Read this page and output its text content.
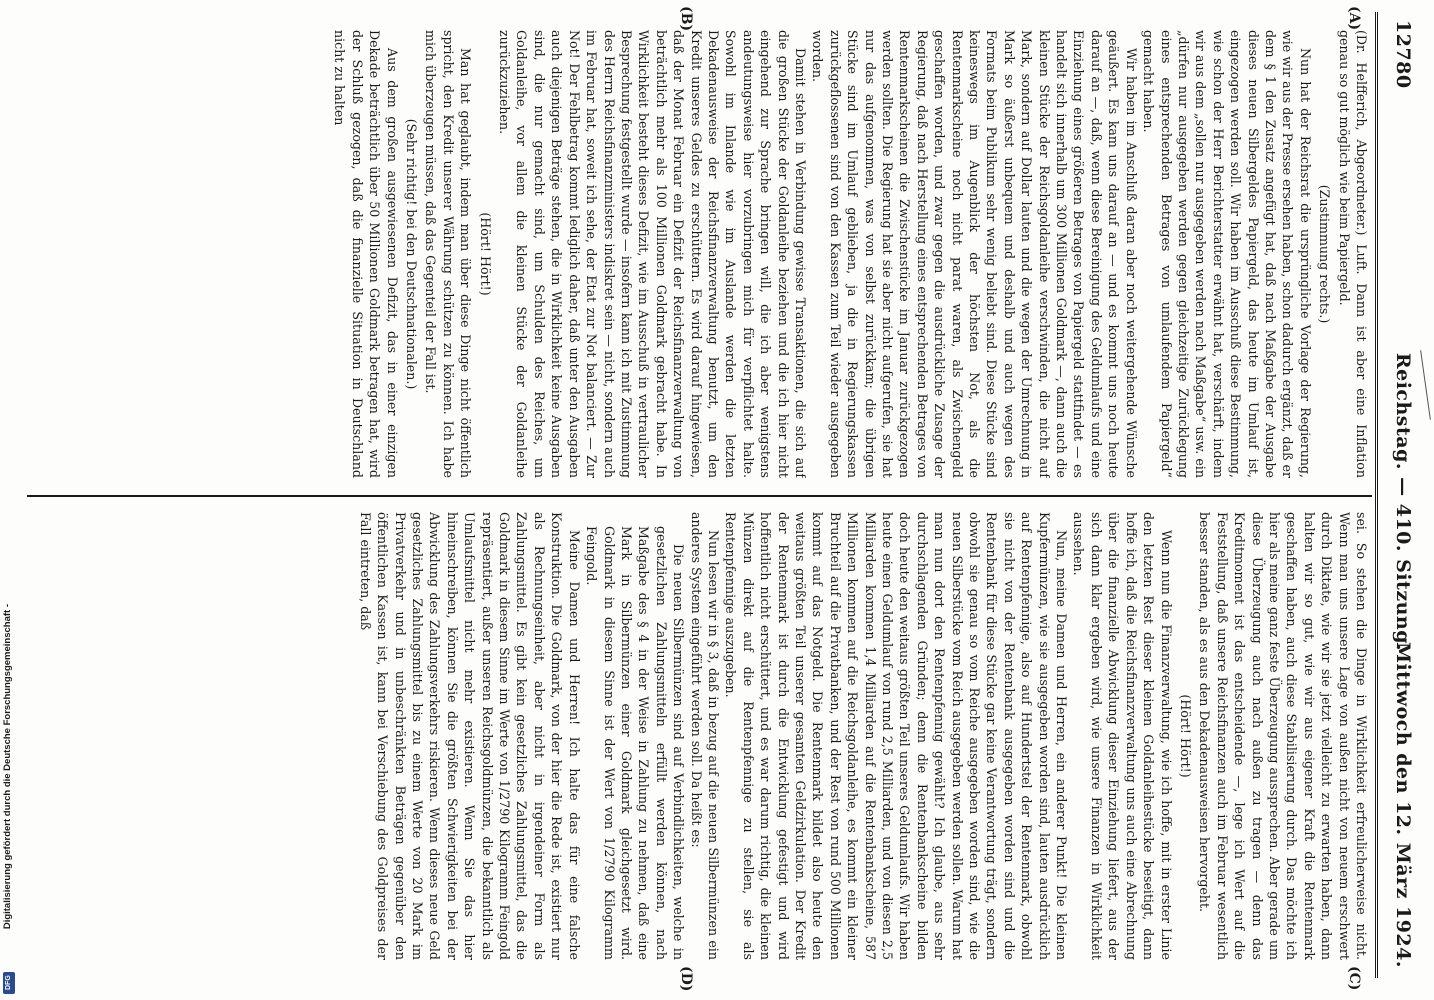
12780
Reichstag. — 410. Sitzung.
Mittwoch den 12. März 1924.
(A)
(B)
(C)
(D)

(Dr. Helfferich, Abgeordneter.) Luft. Dann ist aber eine Inflation genau so gut möglich wie beim Papiergeld.

(Zustimmung rechts.)

Nun hat der Reichsrat die ursprüngliche Vorlage der Regierung, wie wir aus der Presse ersehen haben, schon dadurch ergänzt, daß er dem § 1 den Zusatz angefügt hat, daß nach Maßgabe der Ausgabe dieses neuen Silbergeldes Papiergeld, das heute im Umlauf ist, eingezogen werden soll. Wir haben im Ausschuß diese Bestimmung, wie schon der Herr Berichterstatter erwähnt hat, verschärft, indem wir aus dem „sollen nur ausgegeben werden nach Maßgabe“ usw. ein „dürfen nur ausgegeben werden gegen gleichzeitige Zurücklegung eines entsprechenden Betrages von umlaufendem Papiergeld“ gemacht haben.

Wir haben im Anschluß daran aber noch weitergehende Wünsche geäußert. Es kam uns darauf an — und es kommt uns noch heute darauf an —, daß, wenn diese Bereinigung des Geldumlaufs und eine Einziehung eines größeren Betrages von Papiergeld stattfindet — es handelt sich innerhalb um 300 Millionen Goldmark —, dann auch die kleinen Stücke der Reichsgoldanleihe verschwinden, die nicht auf Mark, sondern auf Dollar lauten und die wegen der Umrechnung in Mark so äußerst unbequem und deshalb und auch wegen des Formats beim Publikum sehr wenig beliebt sind. Diese Stücke sind keineswegs im Augenblick der höchsten Not, als die Rentenmarkscheine noch nicht parat waren, als Zwischengeld geschaffen worden, und zwar gegen die ausdrückliche Zusage der Regierung, daß nach Herstellung eines entsprechenden Betrages von Rentenmarkscheinen die Zwischenstücke im Januar zurückgezogen werden sollten. Die Regierung hat sie aber nicht aufgerufen, sie hat nur das aufgenommen, was von selbst zurückkam; die übrigen Stücke sind im Umlauf geblieben, ja die in Regierungskassen zurückgeflossenen sind von den Kassen zum Teil wieder ausgegeben worden.

Damit stehen in Verbindung gewisse Transaktionen, die sich auf die großen Stücke der Goldanleihe beziehen und die ich hier nicht eingehend zur Sprache bringen will, die ich aber wenigstens andeutungsweise hier vorzubringen mich für verpflichtet halte. Sowohl im Inlande wie im Auslande werden die letzten Dekadenausweise der Reichsfinanzverwaltung benutzt, um den Kredit unseres Geldes zu erschüttern. Es wird darauf hingewiesen, daß der Monat Februar ein Defizit der Reichsfinanzverwaltung von beträchtlich mehr als 100 Millionen Goldmark gebracht habe. In Wirklichkeit besteht dieses Defizit, wie im Ausschuß in vertraulicher Besprechung festgestellt wurde — insofern kann ich mit Zustimmung des Herrn Reichsfinanzministers indiskret sein — nicht, sondern auch im Februar hat, soweit ich sehe, der Etat zur Not balanciert. — Zur Not! Der Fehlbetrag kommt lediglich daher, daß unter den Ausgaben auch diejenigen Beträge stehen, die in Wirklichkeit keine Ausgaben sind, die nur gemacht sind, um Schulden des Reiches, um Goldanleihe, vor allem die kleinen Stücke der Goldanleihe zurückzuziehen.

(Hört! Hört!)

Man hat geglaubt, indem man über diese Dinge nicht öffentlich spricht, den Kredit unserer Währung schützen zu können. Ich habe mich überzeugen müssen, daß das Gegenteil der Fall ist.

(Sehr richtig! bei den Deutschnationalen.)

Aus dem großen ausgewiesenen Defizit, das in einer einzigen Dekade beträchtlich über 50 Millionen Goldmark betragen hat, wird der Schluß gezogen, daß die finanzielle Situation in Deutschland nicht zu halten

sei. So stehen die Dinge in Wirklichkeit erfreulicherweise nicht. Wenn man uns unsere Lage von außen nicht von neuem erschwert durch Diktate, wie wir sie jetzt vielleicht zu erwarten haben, dann halten wir so gut, wie wir aus eigener Kraft die Rentenmark geschaffen haben, auch diese Stabilisierung durch. Das möchte ich hier als meine ganz feste Überzeugung aussprechen. Aber gerade um diese Überzeugung auch nach außen zu tragen — denn das Kreditmoment ist das entscheidende —, lege ich Wert auf die Feststellung, daß unsere Reichsfinanzen auch im Februar wesentlich besser standen, als es aus den Dekadenausweisen hervorgeht.

(Hört! Hört!)

Wenn nun die Finanzverwaltung, wie ich hoffe, mit in erster Linie den letzten Rest dieser kleinen Goldanleihestücke beseitigt, dann hoffe ich, daß die Reichsfinanzverwaltung uns auch eine Abrechnung über die finanzielle Abwicklung dieser Einziehung liefert, aus der sich dann klar ergeben wird, wie unsere Finanzen in Wirklichkeit aussehen.

Nun, meine Damen und Herren, ein anderer Punkt! Die kleinen Kupfermünzen, wie sie ausgegeben worden sind, lauten ausdrücklich auf Rentenpfennige, also auf Hundertstel der Rentenmark, obwohl sie nicht von der Rentenbank ausgegeben worden sind und die Rentenbank für diese Stücke gar keine Verantwortung trägt, sondern obwohl sie genau so vom Reiche ausgegeben worden sind, wie die neuen Silberstücke vom Reich ausgegeben werden sollen. Warum hat man nun dort den Rentenpfennig gewählt? Ich glaube, aus sehr durchschlagenden Gründen; denn die Rentenbankscheine bilden doch heute den weitaus größten Teil unseres Geldumlaufs. Wir haben heute einen Geldumlauf von rund 2,5 Milliarden, und von diesen 2,5 Milliarden kommen 1,4 Milliarden auf die Rentenbankscheine, 587 Millionen kommen auf die Reichsgoldanleihe, es kommt ein kleiner Bruchteil auf die Privatbanken, und der Rest von rund 500 Millionen kommt auf das Notgeld. Die Rentenmark bildet also heute den weitaus größten Teil unserer gesamten Geldzirkulation. Der Kredit der Rentenmark ist durch die Entwicklung gefestigt und wird hoffentlich nicht erschüttert, und es war darum richtig, die kleinen Münzen direkt auf die Rentenpfennige zu stellen, sie als Rentenpfennige auszugeben.

Nun lesen wir in § 3, daß in bezug auf die neuen Silbermünzen ein anderes System eingeführt werden soll. Da heißt es:

Die neuen Silbermünzen sind auf Verbindlichkeiten, welche in gesetzlichen Zahlungsmitteln erfüllt werden können, nach Maßgabe des § 4 in der Weise in Zahlung zu nehmen, daß eine Mark in Silbermünzen einer Goldmark gleichgesetzt wird. Goldmark in diesem Sinne ist der Wert von 1/2790 Kilogramm Feingold.

Meine Damen und Herren! Ich halte das für eine falsche Konstruktion. Die Goldmark, von der hier die Rede ist, existiert nur als Rechnungseinheit, aber nicht in irgendeiner Form als Zahlungsmittel. Es gibt kein gesetzliches Zahlungsmittel, das die Goldmark in diesem Sinne im Werte von 1/2790 Kilogramm Feingold repräsentiert, außer unseren Reichsgoldmünzen, die bekanntlich als Umlaufsmittel nicht mehr existieren. Wenn Sie das hier hineinschreiben, können Sie die größten Schwierigkeiten bei der Abwicklung des Zahlungsverkehrs riskieren. Wenn dieses neue Geld gesetzliches Zahlungsmittel bis zu einem Werte von 20 Mark im Privatverkehr und in unbeschränkten Beträgen gegenüber den öffentlichen Kassen ist, kann bei Verschiebung des Goldpreises der Fall eintreten, daß

Digitalisierung gefördert durch die Deutsche Forschungsgemeinschaft -
DFG
